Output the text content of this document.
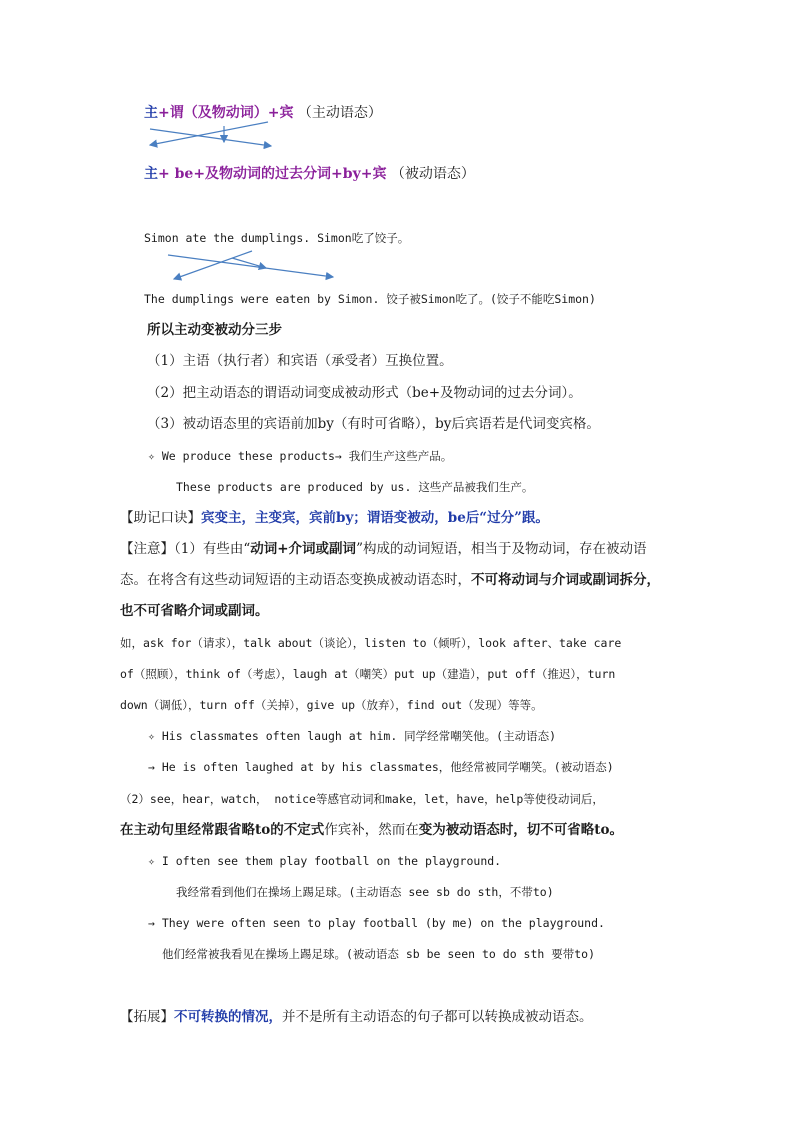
主+谓（及物动词）+宾 （主动语态）
主+ be+及物动词的过去分词+by+宾 （被动语态）
Simon ate the dumplings. Simon吃了饺子。
The dumplings were eaten by Simon. 饺子被Simon吃了。(饺子不能吃Simon)
所以主动变被动分三步
（1）主语（执行者）和宾语（承受者）互换位置。
（2）把主动语态的谓语动词变成被动形式（be+及物动词的过去分词）。
（3）被动语态里的宾语前加by（有时可省略），by后宾语若是代词变宾格。
✧ We produce these products→ 我们生产这些产品。
These products are produced by us. 这些产品被我们生产。
【助记口诀】宾变主，主变宾，宾前by；谓语变被动，be后“过分”跟。
【注意】（1）有些由“动词+介词或副词”构成的动词短语，相当于及物动词，存在被动语
态。在将含有这些动词短语的主动语态变换成被动语态时，不可将动词与介词或副词拆分，
也不可省略介词或副词。
如，ask for（请求），talk about（谈论），listen to（倾听），look after、take care
of（照顾），think of（考虑），laugh at（嘲笑）put up（建造），put off（推迟），turn
down（调低），turn off（关掉），give up（放弃），find out（发现）等等。
✧ His classmates often laugh at him. 同学经常嘲笑他。(主动语态)
→ He is often laughed at by his classmates，他经常被同学嘲笑。(被动语态)
（2）see，hear，watch， notice等感官动词和make，let，have，help等使役动词后，
在主动句里经常跟省略to的不定式作宾补，然而在变为被动语态时，切不可省略to。
✧ I often see them play football on the playground.
我经常看到他们在操场上踢足球。(主动语态 see sb do sth，不带to)
→ They were often seen to play football (by me) on the playground.
他们经常被我看见在操场上踢足球。(被动语态 sb be seen to do sth 要带to)
【拓展】不可转换的情况，并不是所有主动语态的句子都可以转换成被动语态。
